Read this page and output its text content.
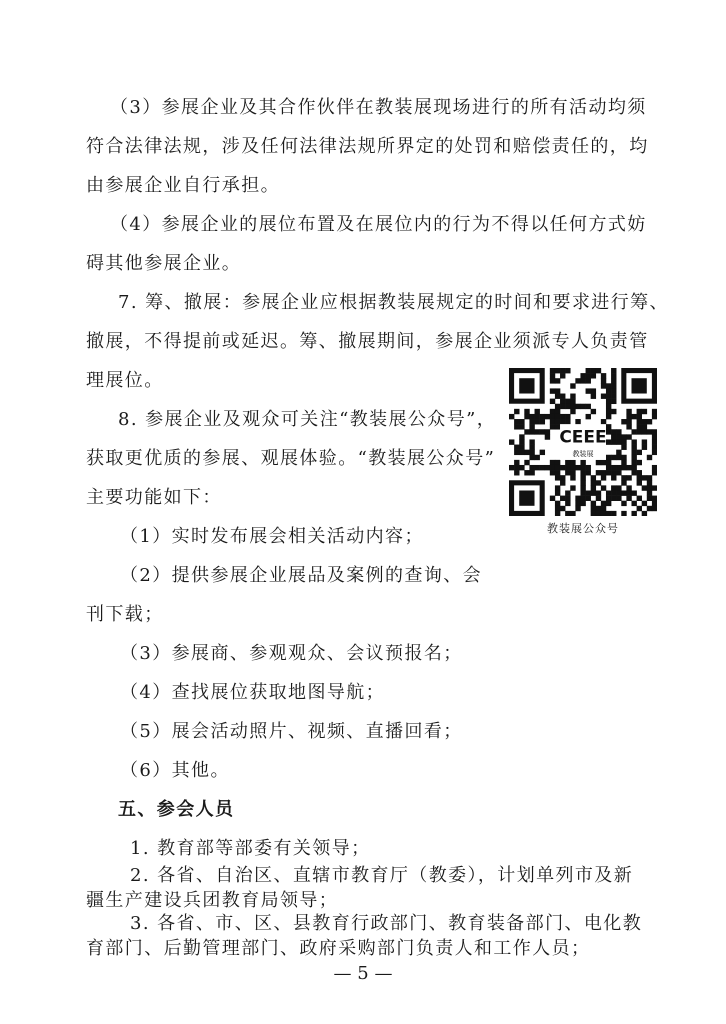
（3）参展企业及其合作伙伴在教装展现场进行的所有活动均须
符合法律法规，涉及任何法律法规所界定的处罚和赔偿责任的，均
由参展企业自行承担。
（4）参展企业的展位布置及在展位内的行为不得以任何方式妨
碍其他参展企业。
7. 筹、撤展：参展企业应根据教装展规定的时间和要求进行筹、
撤展，不得提前或延迟。筹、撤展期间，参展企业须派专人负责管
理展位。
8. 参展企业及观众可关注“教装展公众号”，
获取更优质的参展、观展体验。“教装展公众号”
主要功能如下：
（1）实时发布展会相关活动内容；
（2）提供参展企业展品及案例的查询、会
刊下载；
（3）参展商、参观观众、会议预报名；
（4）查找展位获取地图导航；
（5）展会活动照片、视频、直播回看；
（6）其他。
五、参会人员
1. 教育部等部委有关领导；
2. 各省、自治区、直辖市教育厅（教委），计划单列市及新
疆生产建设兵团教育局领导；
3. 各省、市、区、县教育行政部门、教育装备部门、电化教
育部门、后勤管理部门、政府采购部门负责人和工作人员；
CEEE
教装展
教装展公众号
— 5 —
